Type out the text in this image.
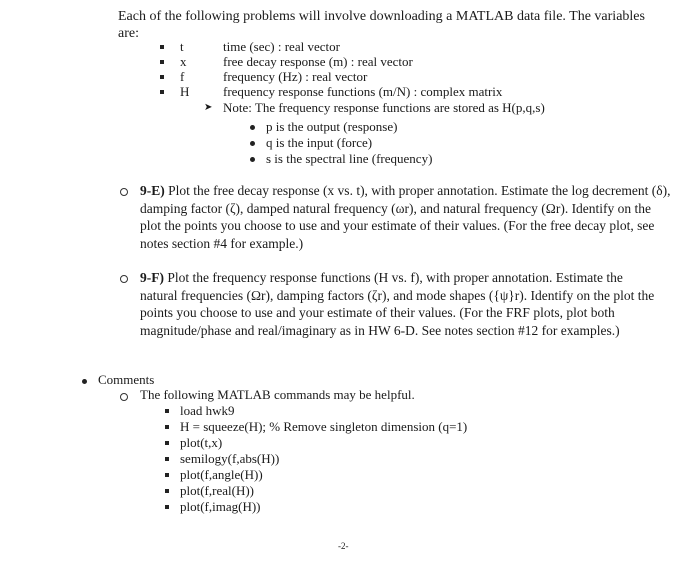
Each of the following problems will involve downloading a MATLAB data file. The variables are:
t	time (sec) : real vector
x	free decay response (m) : real vector
f	frequency (Hz) : real vector
H	frequency response functions (m/N) : complex matrix
➤ Note: The frequency response functions are stored as H(p,q,s)
p is the output (response)
q is the input (force)
s is the spectral line (frequency)
9-E) Plot the free decay response (x vs. t), with proper annotation. Estimate the log decrement (δ), damping factor (ζ), damped natural frequency (ωr), and natural frequency (Ωr). Identify on the plot the points you choose to use and your estimate of their values. (For the free decay plot, see notes section #4 for example.)
9-F) Plot the frequency response functions (H vs. f), with proper annotation. Estimate the natural frequencies (Ωr), damping factors (ζr), and mode shapes ({ψ}r). Identify on the plot the points you choose to use and your estimate of their values. (For the FRF plots, plot both magnitude/phase and real/imaginary as in HW 6-D. See notes section #12 for examples.)
Comments
The following MATLAB commands may be helpful.
load hwk9
H = squeeze(H); % Remove singleton dimension (q=1)
plot(t,x)
semilogy(f,abs(H))
plot(f,angle(H))
plot(f,real(H))
plot(f,imag(H))
-2-
